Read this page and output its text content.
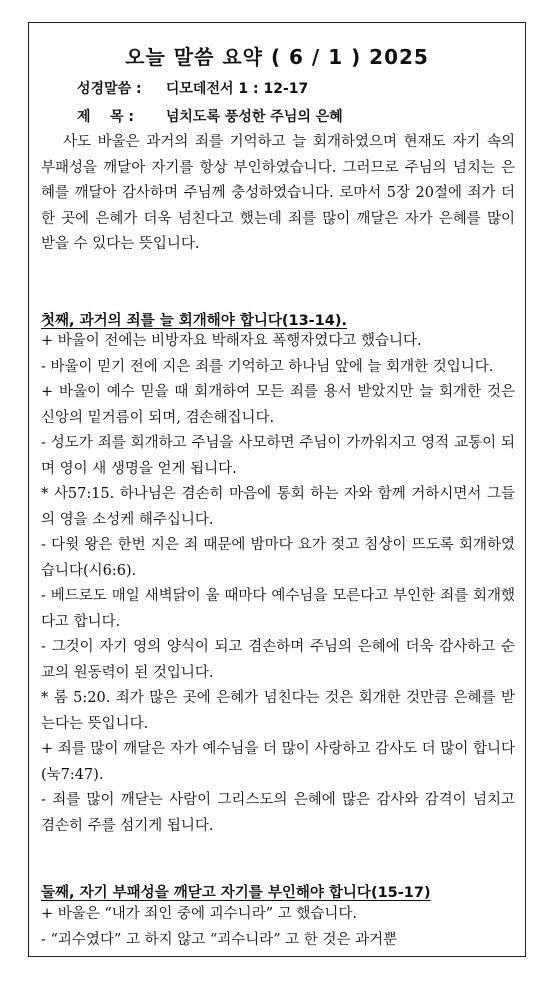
오늘 말씀 요약 ( 6 / 1 ) 2025
성경말씀 : 디모데전서 1 : 12-17
제    목 : 넘치도록 풍성한 주님의 은혜
사도 바울은 과거의 죄를 기억하고 늘 회개하였으며 현재도 자기 속의 부패성을 깨달아 자기를 항상 부인하였습니다. 그러므로 주님의 넘치는 은혜를 깨달아 감사하며 주님께 충성하였습니다. 로마서 5장 20절에 죄가 더한 곳에 은혜가 더욱 넘친다고 했는데 죄를 많이 깨달은 자가 은혜를 많이 받을 수 있다는 뜻입니다.
첫째, 과거의 죄를 늘 회개해야 합니다(13-14).
+ 바울이 전에는 비방자요 박해자요 폭행자였다고 했습니다.
- 바울이 믿기 전에 지은 죄를 기억하고 하나님 앞에 늘 회개한 것입니다.
+ 바울이 예수 믿을 때 회개하여 모든 죄를 용서 받았지만 늘 회개한 것은 신앙의 밑거름이 되며, 겸손해집니다.
- 성도가 죄를 회개하고 주님을 사모하면 주님이 가까워지고 영적 교통이 되며 영이 새 생명을 얻게 됩니다.
* 사57:15. 하나님은 겸손히 마음에 통회 하는 자와 함께 거하시면서 그들의 영을 소성케 해주십니다.
- 다윗 왕은 한번 지은 죄 때문에 밤마다 요가 젖고 침상이 뜨도록 회개하였습니다(시6:6).
- 베드로도 매일 새벽닭이 울 때마다 예수님을 모른다고 부인한 죄를 회개했다고 합니다.
- 그것이 자기 영의 양식이 되고 겸손하며 주님의 은혜에 더욱 감사하고 순교의 원동력이 된 것입니다.
* 롬 5:20. 죄가 많은 곳에 은혜가 넘친다는 것은 회개한 것만큼 은혜를 받는다는 뜻입니다.
+ 죄를 많이 깨달은 자가 예수님을 더 많이 사랑하고 감사도 더 많이 합니다(눅7:47).
- 죄를 많이 깨닫는 사람이 그리스도의 은혜에 많은 감사와 감격이 넘치고 겸손히 주를 섬기게 됩니다.
둘째, 자기 부패성을 깨닫고 자기를 부인해야 합니다(15-17)
+ 바울은 “내가 죄인 중에 괴수니라” 고 했습니다.
- “괴수였다” 고 하지 않고 “괴수니라” 고 한 것은 과거뿐
